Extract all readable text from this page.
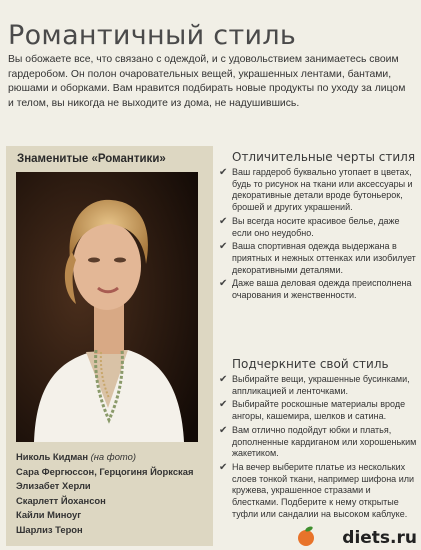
Романтичный стиль

Вы обожаете все, что связано с одеждой, и с удовольствием занимаетесь своим гардеробом. Он полон очаровательных вещей, украшенных лентами, бантами, рюшами и оборками. Вам нравится подбирать новые продукты по уходу за лицом и телом, вы никогда не выходите из дома, не надушившись.

Знаменитые «Романтики»
Николь Кидман (на фото)
Сара Фергюссон, Герцогиня Йоркская
Элизабет Херли
Скарлетт Йохансон
Кайли Миноуг
Шарлиз Терон
Отличительные черты стиля
✔ Ваш гардероб буквально утопает в цветах, будь то рисунок на ткани или аксессуары и декоративные детали вроде бутоньерок, брошей и других украшений.
✔ Вы всегда носите красивое белье, даже если оно неудобно.
✔ Ваша спортивная одежда выдержана в приятных и нежных оттенках или изобилует декоративными деталями.
✔ Даже ваша деловая одежда преисполнена очарования и женственности.
Подчеркните свой стиль
✔ Выбирайте вещи, украшенные бусинками, аппликацией и ленточками.
✔ Выбирайте роскошные материалы вроде ангоры, кашемира, шелков и сатина.
✔ Вам отлично подойдут юбки и платья, дополненные кардиганом или хорошеньким жакетиком.
✔ На вечер выберите платье из нескольких слоев тонкой ткани, например шифона или кружева, украшенное стразами и блестками. Подберите к нему открытые туфли или сандалии на высоком каблуке.
diets.ru
